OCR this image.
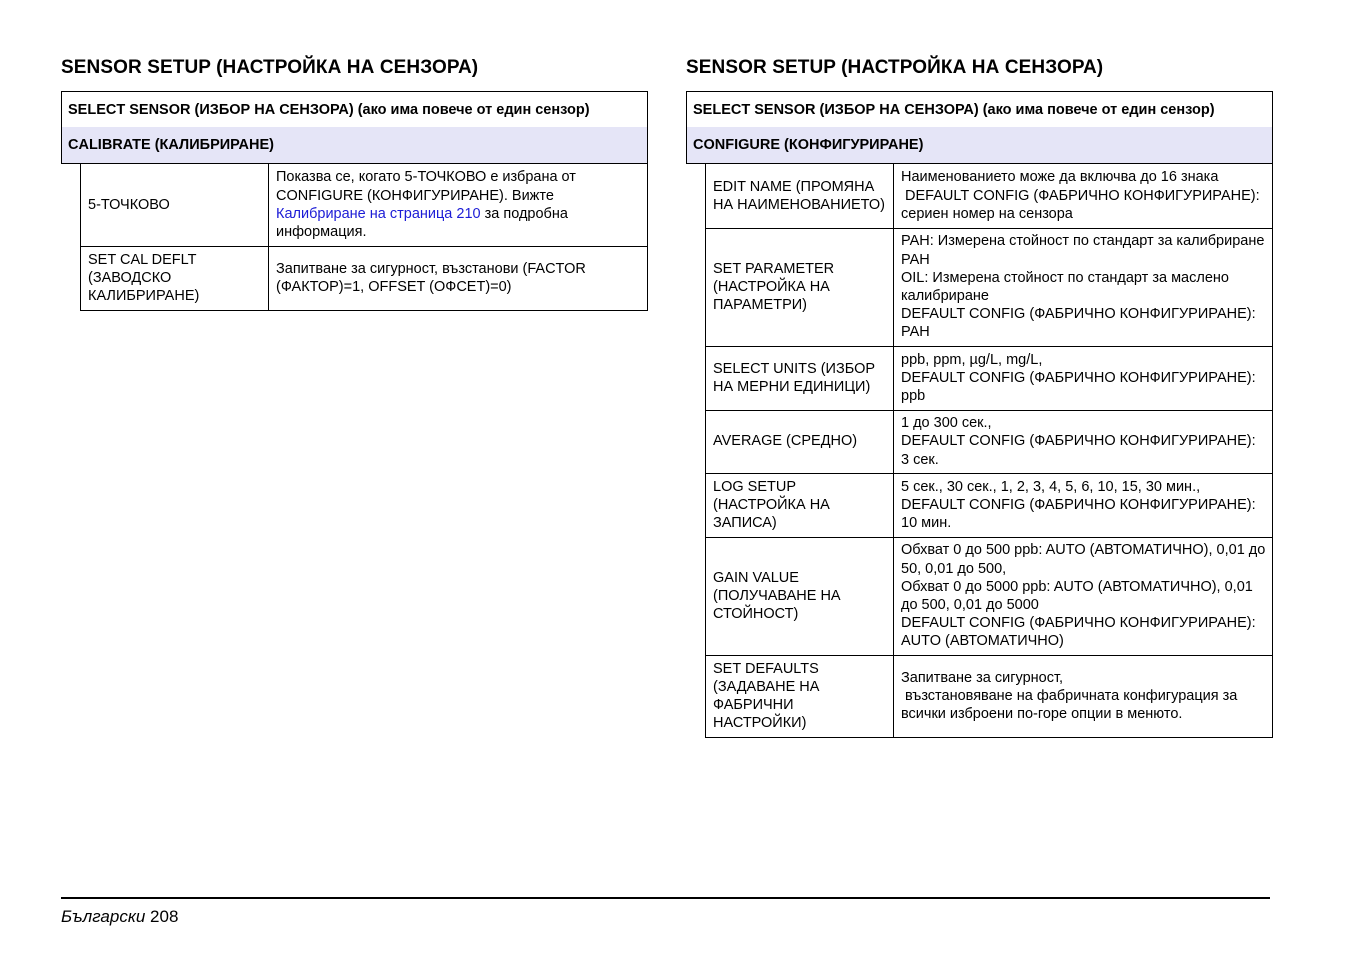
SENSOR SETUP (НАСТРОЙКА НА СЕНЗОРА)
SELECT SENSOR (ИЗБОР НА СЕНЗОРА) (ако има повече от един сензор)
CALIBRATE (КАЛИБРИРАНЕ)
5-ТОЧКОВО	Показва се, когато 5-ТОЧКОВО е избрана от CONFIGURE (КОНФИГУРИРАНЕ). Вижте Калибриране на страница 210 за подробна информация.
SET CAL DEFLT (ЗАВОДСКО КАЛИБРИРАНЕ)	Запитване за сигурност, възстанови (FACTOR (ФАКТОР)=1, OFFSET (ОФСЕТ)=0)
SENSOR SETUP (НАСТРОЙКА НА СЕНЗОРА)
SELECT SENSOR (ИЗБОР НА СЕНЗОРА) (ако има повече от един сензор)
CONFIGURE (КОНФИГУРИРАНЕ)
EDIT NAME (ПРОМЯНА НА НАИМЕНОВАНИЕТО)	Наименованието може да включва до 16 знака
DEFAULT CONFIG (ФАБРИЧНО КОНФИГУРИРАНЕ): сериен номер на сензора

SET PARAMETER (НАСТРОЙКА НА ПАРАМЕТРИ)	PAH: Измерена стойност по стандарт за калибриране PAH
OIL: Измерена стойност по стандарт за маслено калибриране
DEFAULT CONFIG (ФАБРИЧНО КОНФИГУРИРАНЕ): PAH

SELECT UNITS (ИЗБОР НА МЕРНИ ЕДИНИЦИ)	ppb, ppm, µg/L, mg/L,
DEFAULT CONFIG (ФАБРИЧНО КОНФИГУРИРАНЕ): ppb

AVERAGE (СРЕДНО)	1 до 300 сек.,
DEFAULT CONFIG (ФАБРИЧНО КОНФИГУРИРАНЕ): 3 сек.

LOG SETUP (НАСТРОЙКА НА ЗАПИСА)	5 сек., 30 сек., 1, 2, 3, 4, 5, 6, 10, 15, 30 мин.,
DEFAULT CONFIG (ФАБРИЧНО КОНФИГУРИРАНЕ): 10 мин.

GAIN VALUE (ПОЛУЧАВАНЕ НА СТОЙНОСТ)	Обхват 0 до 500 ppb: AUTO (АВТОМАТИЧНО), 0,01 до 50, 0,01 до 500,
Обхват 0 до 5000 ppb: AUTO (АВТОМАТИЧНО), 0,01 до 500, 0,01 до 5000
DEFAULT CONFIG (ФАБРИЧНО КОНФИГУРИРАНЕ): AUTO (АВТОМАТИЧНО)

SET DEFAULTS (ЗАДАВАНЕ НА ФАБРИЧНИ НАСТРОЙКИ)	Запитване за сигурност,
възстановяване на фабричната конфигурация за всички изброени по-горе опции в менюто.
Български 208
